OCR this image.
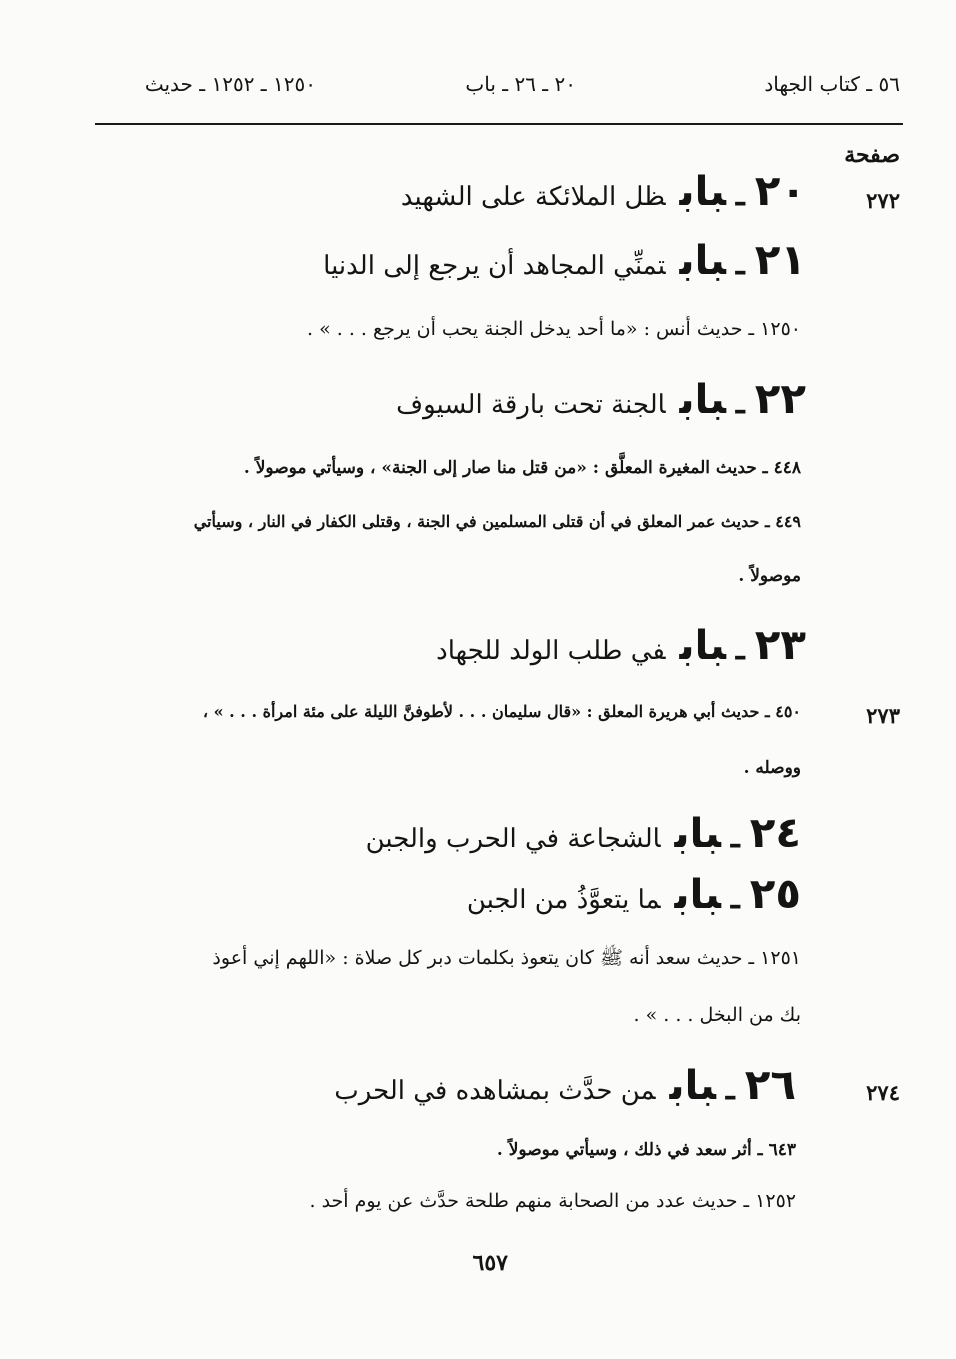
٥٦ ـ كتاب الجهاد
٢٠ ـ ٢٦ ـ باب
١٢٥٠ ـ ١٢٥٢ ـ حديث
صفحة
٢٧٢
٢٠ـبابظل الملائكة على الشهيد
٢١ـبابتمنِّي المجاهد أن يرجع إلى الدنيا
١٢٥٠ ـ حديث أنس : «ما أحد يدخل الجنة يحب أن يرجع . . . » .
٢٢ـبابالجنة تحت بارقة السيوف
٤٤٨ ـ حديث المغيرة المعلَّق : «من قتل منا صار إلى الجنة» ، وسيأتي موصولاً .
٤٤٩ ـ حديث عمر المعلق في أن قتلى المسلمين في الجنة ، وقتلى الكفار في النار ، وسيأتي
موصولاً .
٢٣ـبابفي طلب الولد للجهاد
٢٧٣
٤٥٠ ـ حديث أبي هريرة المعلق : «قال سليمان . . . لأطوفنَّ الليلة على مئة امرأة . . . » ،
ووصله .
٢٤ـبابالشجاعة في الحرب والجبن
٢٥ـبابما يتعوَّذُ من الجبن
١٢٥١ ـ حديث سعد أنه ﷺ كان يتعوذ بكلمات دبر كل صلاة : «اللهم إني أعوذ
بك من البخل . . . » .
٢٧٤
٢٦ـبابمن حدَّث بمشاهده في الحرب
٦٤٣ ـ أثر سعد في ذلك ، وسيأتي موصولاً .
١٢٥٢ ـ حديث عدد من الصحابة منهم طلحة حدَّث عن يوم أحد .
٦٥٧
